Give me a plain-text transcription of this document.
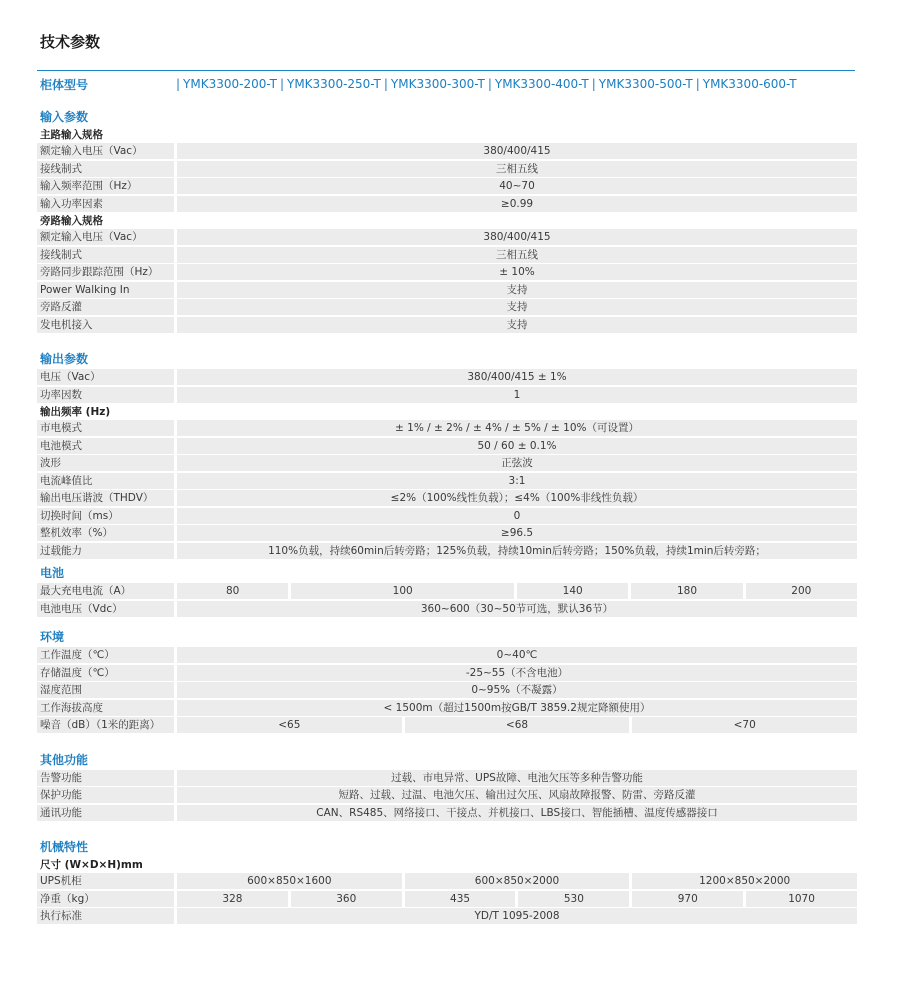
技术参数
柜体型号	| YMK3300-200-T | YMK3300-250-T | YMK3300-300-T | YMK3300-400-T | YMK3300-500-T | YMK3300-600-T
输入参数
主路输入规格
额定输入电压（Vac）	380/400/415
接线制式	三相五线
输入频率范围（Hz）	40~70
输入功率因素	≥0.99
旁路输入规格
额定输入电压（Vac）	380/400/415
接线制式	三相五线
旁路同步跟踪范围（Hz）	± 10%
Power Walking In	支持
旁路反灌	支持
发电机接入	支持
输出参数
电压（Vac）	380/400/415 ± 1%
功率因数	1
输出频率 (Hz)
市电模式	± 1% / ± 2% / ± 4% / ± 5% / ± 10%（可设置）
电池模式	50 / 60 ± 0.1%
波形	正弦波
电流峰值比	3:1
输出电压谐波（THDV）	≤2%（100%线性负载）；≤4%（100%非线性负载）
切换时间（ms）	0
整机效率（%）	≥96.5
过载能力	110%负载，持续60min后转旁路；125%负载，持续10min后转旁路；150%负载，持续1min后转旁路；
电池
最大充电电流（A）	80	100	140	180	200
电池电压（Vdc）	360~600（30~50节可选，默认36节）
环境
工作温度（℃）	0~40℃
存储温度（℃）	-25~55（不含电池）
湿度范围	0~95%（不凝露）
工作海拔高度	< 1500m（超过1500m按GB/T 3859.2规定降额使用）
噪音（dB）（1米的距离）	<65	<68	<70
其他功能
告警功能	过载、市电异常、UPS故障、电池欠压等多种告警功能
保护功能	短路、过载、过温、电池欠压、输出过欠压、风扇故障报警、防雷、旁路反灌
通讯功能	CAN、RS485、网络接口、干接点、并机接口、LBS接口、智能插槽、温度传感器接口
机械特性
尺寸 (W×D×H)mm
UPS机柜	600×850×1600	600×850×2000	1200×850×2000
净重（kg）	328	360	435	530	970	1070
执行标准	YD/T 1095-2008
